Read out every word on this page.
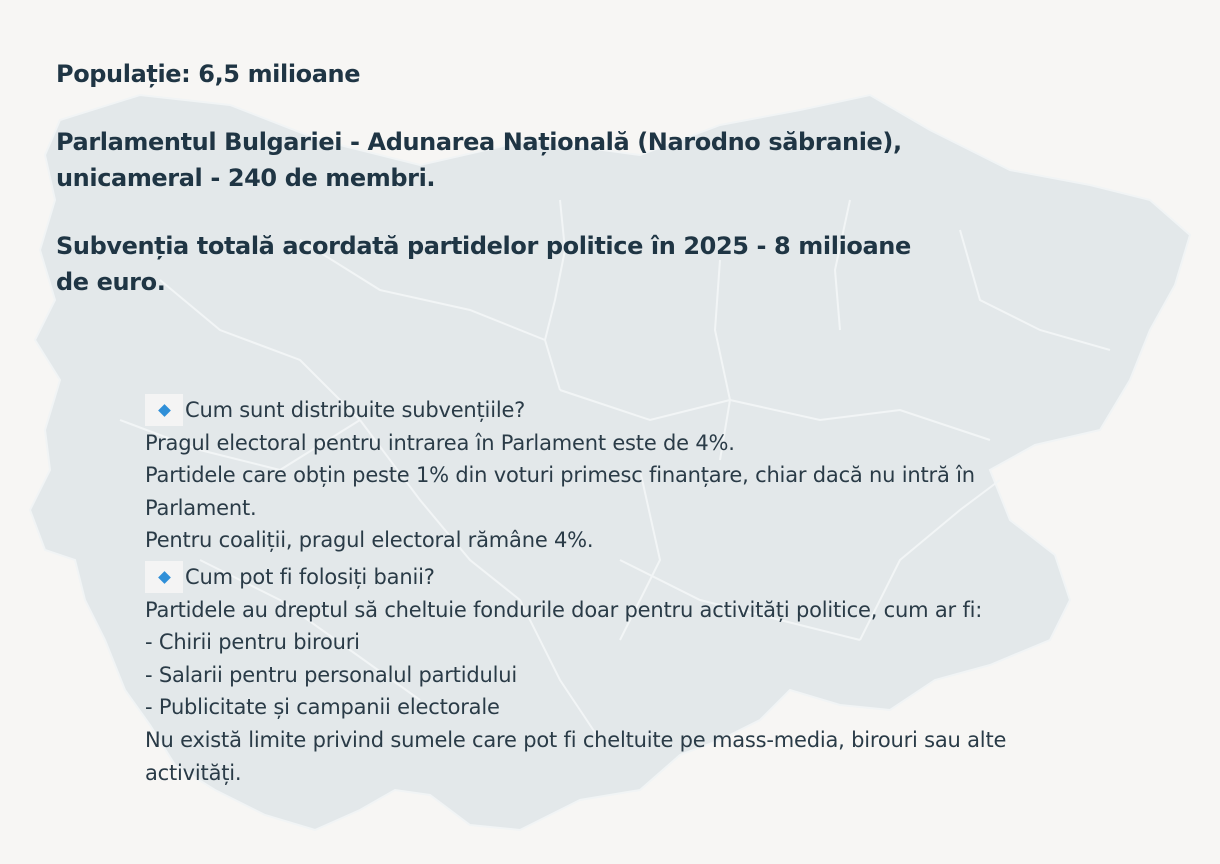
Populație: 6,5 milioane
Parlamentul Bulgariei - Adunarea Națională (Narodno săbranie),
unicameral - 240 de membri.
Subvenția totală acordată partidelor politice în 2025 - 8 milioane
de euro.
Cum sunt distribuite subvențiile?
Pragul electoral pentru intrarea în Parlament este de 4%.
Partidele care obțin peste 1% din voturi primesc finanțare, chiar dacă nu intră în
Parlament.
Pentru coaliții, pragul electoral rămâne 4%.
Cum pot fi folosiți banii?
Partidele au dreptul să cheltuie fondurile doar pentru activități politice, cum ar fi:
- Chirii pentru birouri
- Salarii pentru personalul partidului
- Publicitate și campanii electorale
Nu există limite privind sumele care pot fi cheltuite pe mass-media, birouri sau alte
activități.
